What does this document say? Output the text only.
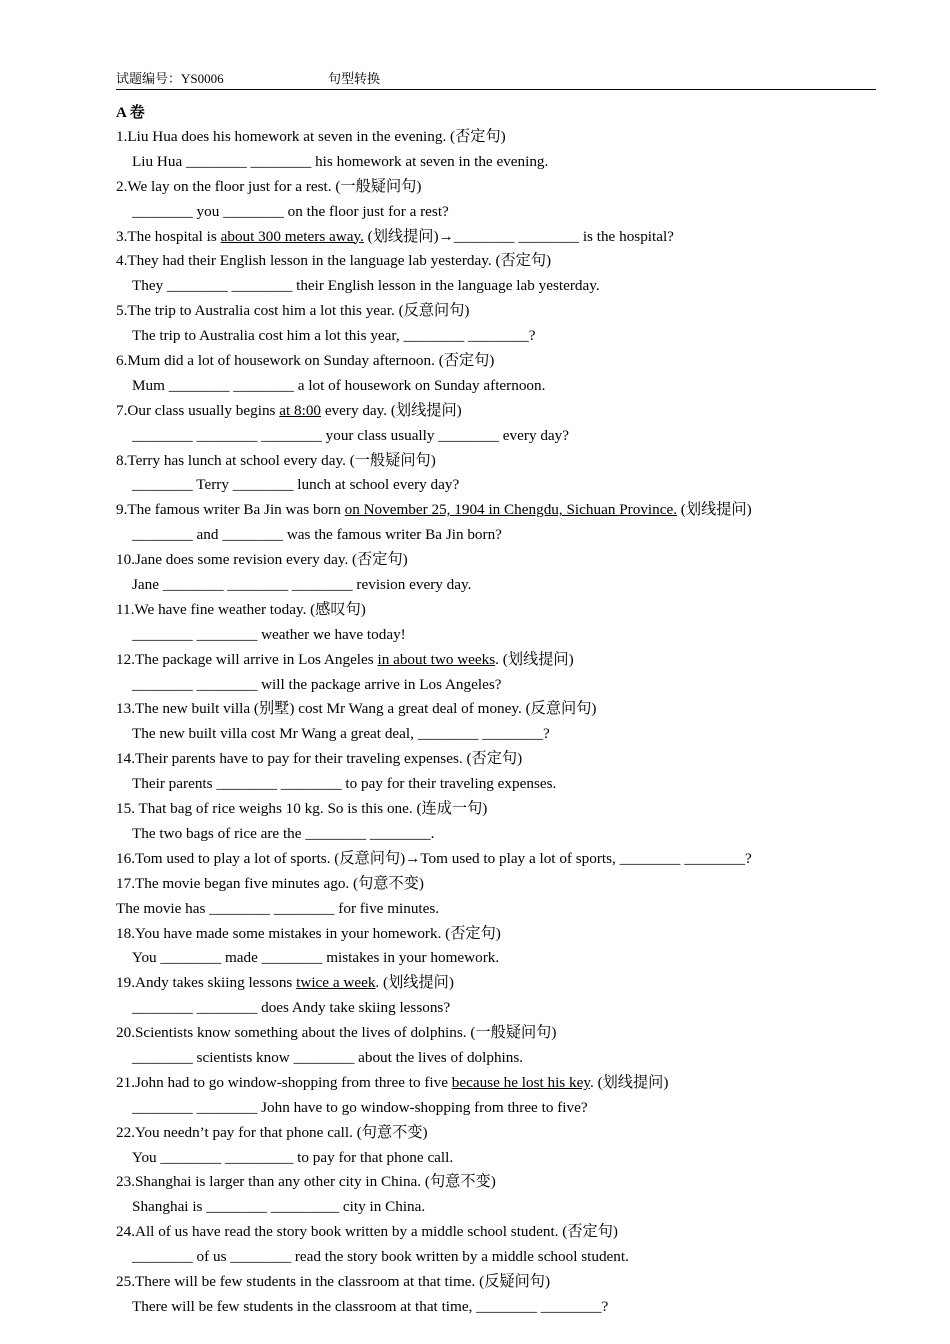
试题编号：YS0006	句型转换
A 卷
1.Liu Hua does his homework at seven in the evening. (否定句)
Liu Hua ________ ________ his homework at seven in the evening.
2.We lay on the floor just for a rest. (一般疑问句)
________ you ________ on the floor just for a rest?
3.The hospital is about 300 meters away. (划线提问)→________ ________ is the hospital?
4.They had their English lesson in the language lab yesterday. (否定句)
They ________ ________ their English lesson in the language lab yesterday.
5.The trip to Australia cost him a lot this year. (反意问句)
The trip to Australia cost him a lot this year, ________ ________?
6.Mum did a lot of housework on Sunday afternoon. (否定句)
Mum ________ ________ a lot of housework on Sunday afternoon.
7.Our class usually begins at 8:00 every day. (划线提问)
________ ________ ________ your class usually ________ every day?
8.Terry has lunch at school every day. (一般疑问句)
________ Terry ________ lunch at school every day?
9.The famous writer Ba Jin was born on November 25, 1904 in Chengdu, Sichuan Province. (划线提问)
________ and ________ was the famous writer Ba Jin born?
10.Jane does some revision every day. (否定句)
Jane ________ ________ ________ revision every day.
11.We have fine weather today. (感叹句)
________ ________ weather we have today!
12.The package will arrive in Los Angeles in about two weeks. (划线提问)
________ ________ will the package arrive in Los Angeles?
13.The new built villa (别墅) cost Mr Wang a great deal of money. (反意问句)
The new built villa cost Mr Wang a great deal, ________ ________?
14.Their parents have to pay for their traveling expenses. (否定句)
Their parents ________ ________ to pay for their traveling expenses.
15. That bag of rice weighs 10 kg. So is this one. (连成一句)
The two bags of rice are the ________ ________.
16.Tom used to play a lot of sports. (反意问句)→Tom used to play a lot of sports, ________ ________?
17.The movie began five minutes ago. (句意不变)
The movie has ________ ________ for five minutes.
18.You have made some mistakes in your homework. (否定句)
You ________ made ________ mistakes in your homework.
19.Andy takes skiing lessons twice a week. (划线提问)
________ ________ does Andy take skiing lessons?
20.Scientists know something about the lives of dolphins. (一般疑问句)
________ scientists know ________ about the lives of dolphins.
21.John had to go window-shopping from three to five because he lost his key. (划线提问)
________ ________ John have to go window-shopping from three to five?
22.You needn’t pay for that phone call. (句意不变)
You ________ _________ to pay for that phone call.
23.Shanghai is larger than any other city in China. (句意不变)
Shanghai is ________ _________ city in China.
24.All of us have read the story book written by a middle school student. (否定句)
________ of us ________ read the story book written by a middle school student.
25.There will be few students in the classroom at that time. (反疑问句)
There will be few students in the classroom at that time, ________ ________?
